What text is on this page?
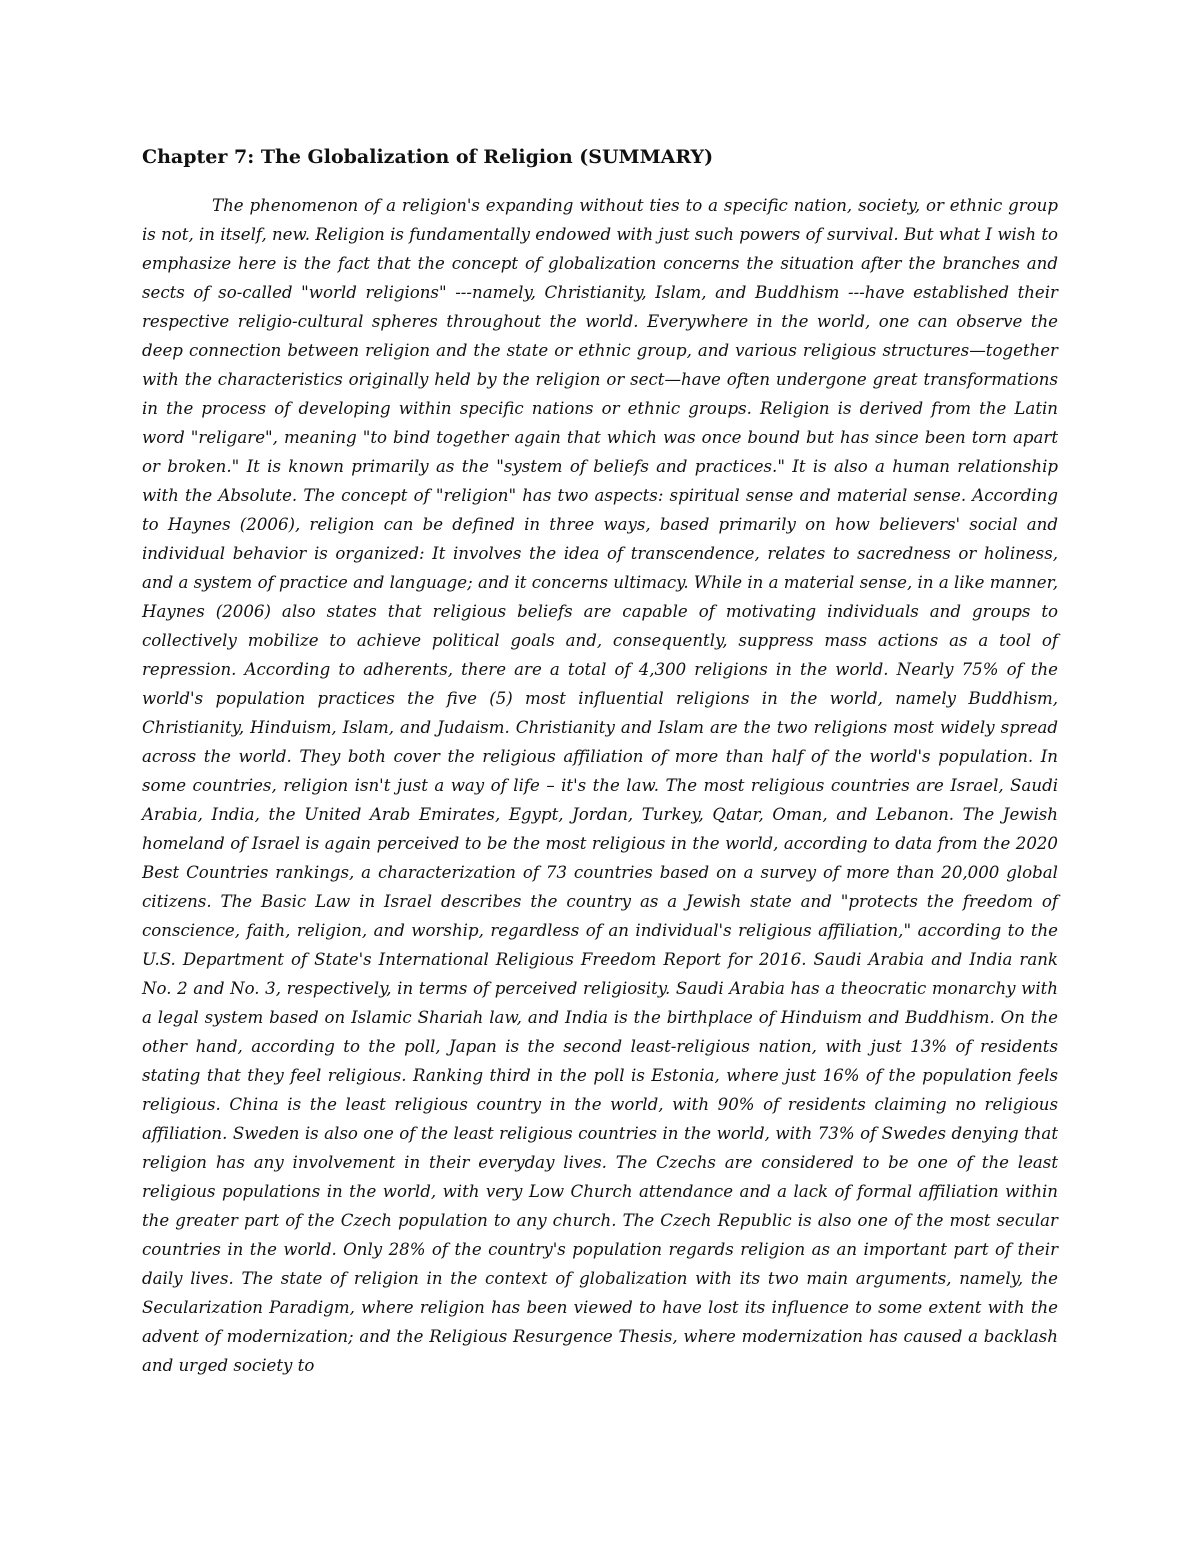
Chapter 7: The Globalization of Religion (SUMMARY)

The phenomenon of a religion's expanding without ties to a specific nation, society, or ethnic group is not, in itself, new. Religion is fundamentally endowed with just such powers of survival. But what I wish to emphasize here is the fact that the concept of globalization concerns the situation after the branches and sects of so-called "world religions" ---namely, Christianity, Islam, and Buddhism ---have established their respective religio-cultural spheres throughout the world. Everywhere in the world, one can observe the deep connection between religion and the state or ethnic group, and various religious structures—together with the characteristics originally held by the religion or sect—have often undergone great transformations in the process of developing within specific nations or ethnic groups. Religion is derived from the Latin word "religare", meaning "to bind together again that which was once bound but has since been torn apart or broken." It is known primarily as the "system of beliefs and practices." It is also a human relationship with the Absolute. The concept of "religion" has two aspects: spiritual sense and material sense. According to Haynes (2006), religion can be defined in three ways, based primarily on how believers' social and individual behavior is organized: It involves the idea of transcendence, relates to sacredness or holiness, and a system of practice and language; and it concerns ultimacy. While in a material sense, in a like manner, Haynes (2006) also states that religious beliefs are capable of motivating individuals and groups to collectively mobilize to achieve political goals and, consequently, suppress mass actions as a tool of repression. According to adherents, there are a total of 4,300 religions in the world. Nearly 75% of the world's population practices the five (5) most influential religions in the world, namely Buddhism, Christianity, Hinduism, Islam, and Judaism. Christianity and Islam are the two religions most widely spread across the world. They both cover the religious affiliation of more than half of the world's population. In some countries, religion isn't just a way of life – it's the law. The most religious countries are Israel, Saudi Arabia, India, the United Arab Emirates, Egypt, Jordan, Turkey, Qatar, Oman, and Lebanon. The Jewish homeland of Israel is again perceived to be the most religious in the world, according to data from the 2020 Best Countries rankings, a characterization of 73 countries based on a survey of more than 20,000 global citizens. The Basic Law in Israel describes the country as a Jewish state and "protects the freedom of conscience, faith, religion, and worship, regardless of an individual's religious affiliation," according to the U.S. Department of State's International Religious Freedom Report for 2016. Saudi Arabia and India rank No. 2 and No. 3, respectively, in terms of perceived religiosity. Saudi Arabia has a theocratic monarchy with a legal system based on Islamic Shariah law, and India is the birthplace of Hinduism and Buddhism. On the other hand, according to the poll, Japan is the second least-religious nation, with just 13% of residents stating that they feel religious. Ranking third in the poll is Estonia, where just 16% of the population feels religious. China is the least religious country in the world, with 90% of residents claiming no religious affiliation. Sweden is also one of the least religious countries in the world, with 73% of Swedes denying that religion has any involvement in their everyday lives. The Czechs are considered to be one of the least religious populations in the world, with very Low Church attendance and a lack of formal affiliation within the greater part of the Czech population to any church. The Czech Republic is also one of the most secular countries in the world. Only 28% of the country's population regards religion as an important part of their daily lives. The state of religion in the context of globalization with its two main arguments, namely, the Secularization Paradigm, where religion has been viewed to have lost its influence to some extent with the advent of modernization; and the Religious Resurgence Thesis, where modernization has caused a backlash and urged society to
